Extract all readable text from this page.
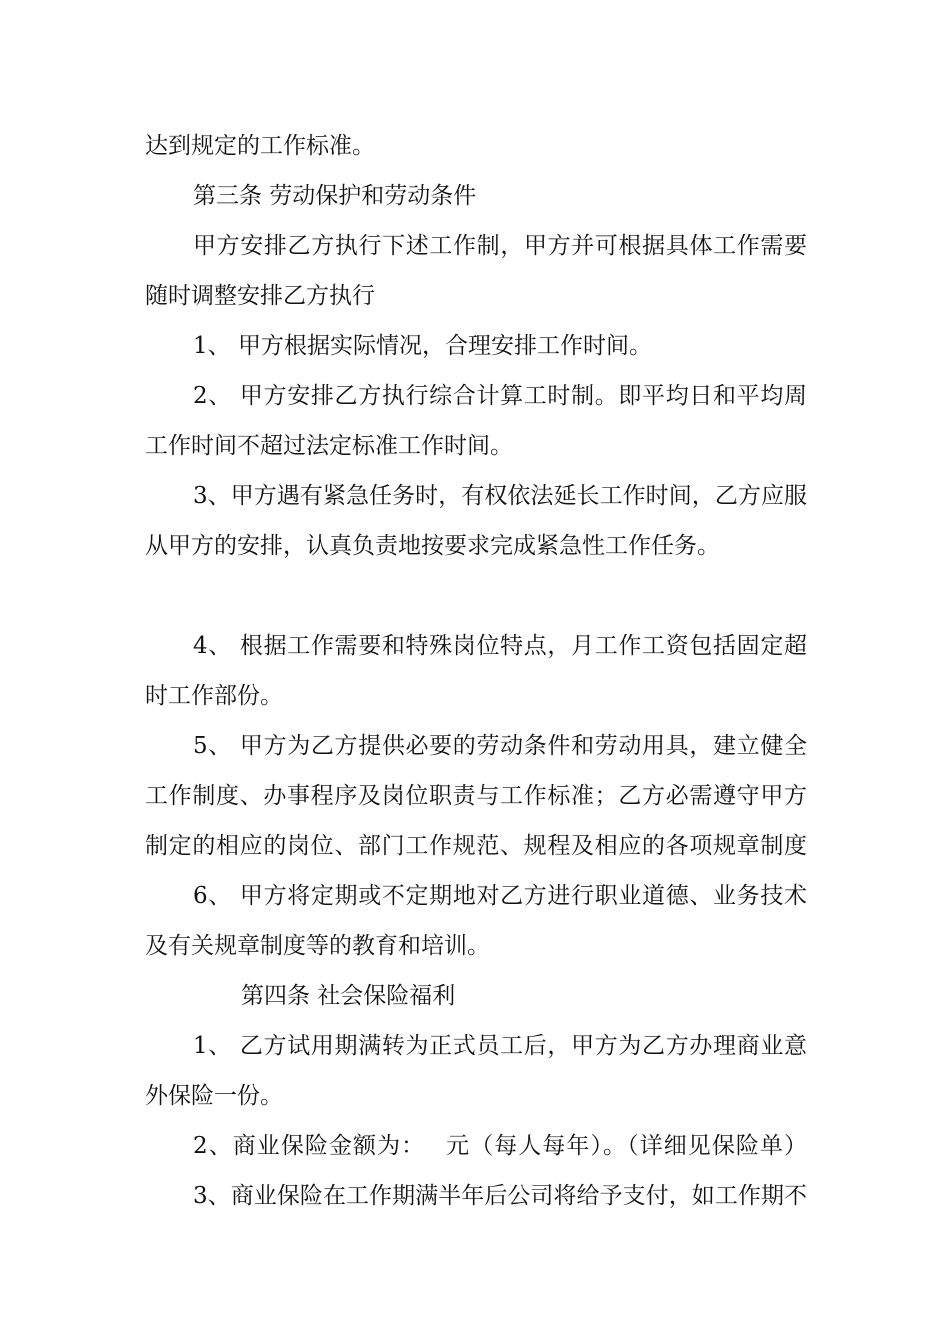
达到规定的工作标准。
第三条 劳动保护和劳动条件
甲方安排乙方执行下述工作制，甲方并可根据具体工作需要
随时调整安排乙方执行
1、 甲方根据实际情况，合理安排工作时间。
2、 甲方安排乙方执行综合计算工时制。即平均日和平均周
工作时间不超过法定标准工作时间。
3、甲方遇有紧急任务时，有权依法延长工作时间，乙方应服
从甲方的安排，认真负责地按要求完成紧急性工作任务。
4、 根据工作需要和特殊岗位特点，月工作工资包括固定超
时工作部份。
5、 甲方为乙方提供必要的劳动条件和劳动用具，建立健全
工作制度、办事程序及岗位职责与工作标准；乙方必需遵守甲方
制定的相应的岗位、部门工作规范、规程及相应的各项规章制度
6、 甲方将定期或不定期地对乙方进行职业道德、业务技术
及有关规章制度等的教育和培训。
第四条 社会保险福利
1、 乙方试用期满转为正式员工后，甲方为乙方办理商业意
外保险一份。
2、商业保险金额为：　 元（每人每年）。（详细见保险单）
3、商业保险在工作期满半年后公司将给予支付，如工作期不
